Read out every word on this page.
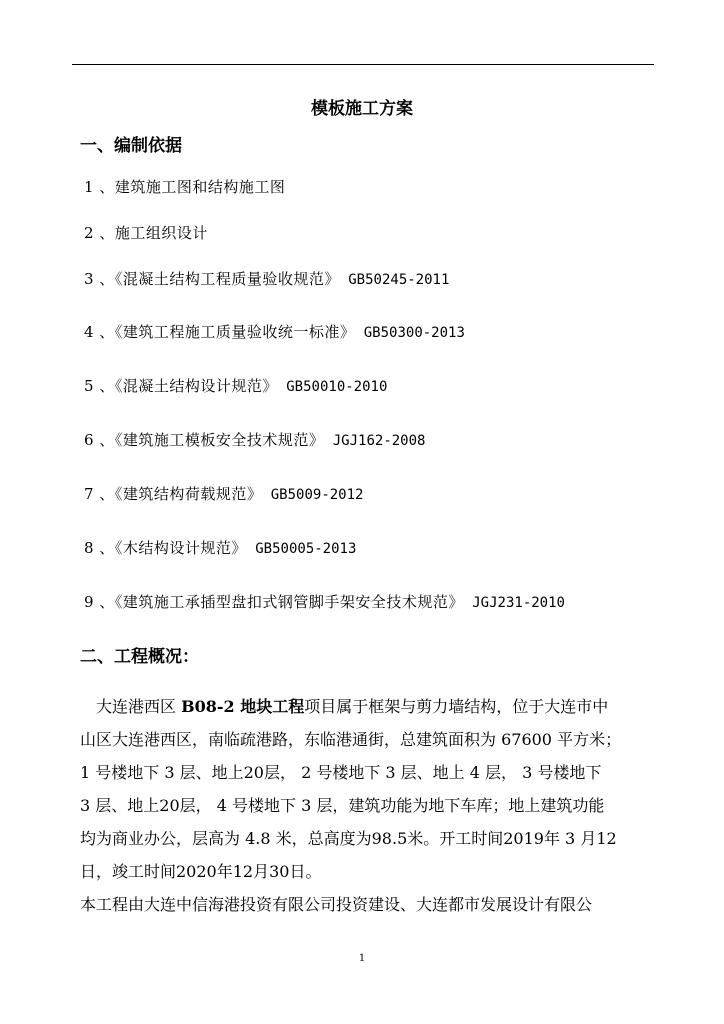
模板施工方案
一、编制依据
1 、建筑施工图和结构施工图
2 、施工组织设计
3 、《混凝土结构工程质量验收规范》 GB50245-2011
4 、《建筑工程施工质量验收统一标准》 GB50300-2013
5 、《混凝土结构设计规范》 GB50010-2010
6 、《建筑施工模板安全技术规范》 JGJ162-2008
7 、《建筑结构荷载规范》 GB5009-2012
8 、《木结构设计规范》 GB50005-2013
9 、《建筑施工承插型盘扣式钢管脚手架安全技术规范》 JGJ231-2010
二、工程概况：
大连港西区 B08-2 地块工程项目属于框架与剪力墙结构，位于大连市中
山区大连港西区，南临疏港路，东临港通街，总建筑面积为 67600 平方米；
1 号楼地下 3 层、地上20层， 2 号楼地下 3 层、地上 4 层， 3 号楼地下
3 层、地上20层， 4 号楼地下 3 层，建筑功能为地下车库；地上建筑功能
均为商业办公，层高为 4.8 米，总高度为98.5米。开工时间2019年 3 月12
日，竣工时间2020年12月30日。
本工程由大连中信海港投资有限公司投资建设、大连都市发展设计有限公
1
